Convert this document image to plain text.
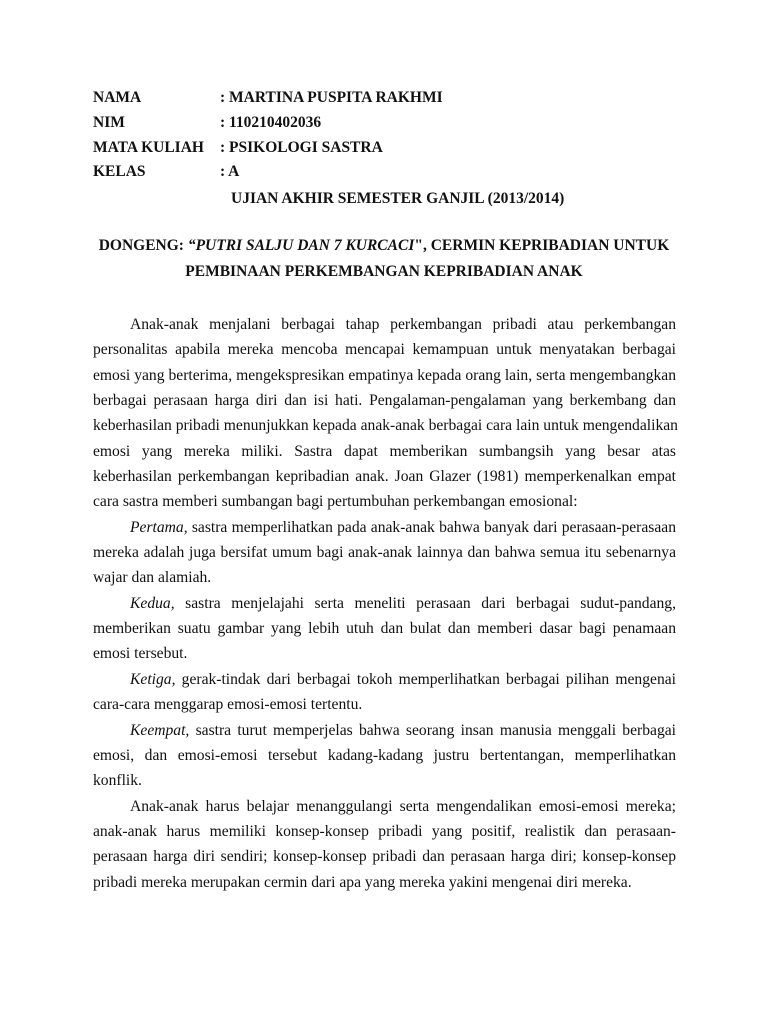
NAMA	: MARTINA PUSPITA RAKHMI
NIM	: 110210402036
MATA KULIAH : PSIKOLOGI SASTRA
KELAS	: A
UJIAN AKHIR SEMESTER GANJIL (2013/2014)
DONGENG: “PUTRI SALJU DAN 7 KURCACI", CERMIN KEPRIBADIAN UNTUK
PEMBINAAN PERKEMBANGAN KEPRIBADIAN ANAK
Anak-anak menjalani berbagai tahap perkembangan pribadi atau perkembangan
personalitas apabila mereka mencoba mencapai kemampuan untuk menyatakan berbagai
emosi yang berterima, mengekspresikan empatinya kepada orang lain, serta mengembangkan
berbagai perasaan harga diri dan isi hati. Pengalaman-pengalaman yang berkembang dan
keberhasilan pribadi menunjukkan kepada anak-anak berbagai cara lain untuk mengendalikan
emosi yang mereka miliki. Sastra dapat memberikan sumbangsih yang besar atas
keberhasilan perkembangan kepribadian anak. Joan Glazer (1981) memperkenalkan empat
cara sastra memberi sumbangan bagi pertumbuhan perkembangan emosional:
Pertama, sastra memperlihatkan pada anak-anak bahwa banyak dari perasaan-perasaan
mereka adalah juga bersifat umum bagi anak-anak lainnya dan bahwa semua itu sebenarnya
wajar dan alamiah.
Kedua, sastra menjelajahi serta meneliti perasaan dari berbagai sudut-pandang,
memberikan suatu gambar yang lebih utuh dan bulat dan memberi dasar bagi penamaan
emosi tersebut.
Ketiga, gerak-tindak dari berbagai tokoh memperlihatkan berbagai pilihan mengenai
cara-cara menggarap emosi-emosi tertentu.
Keempat, sastra turut memperjelas bahwa seorang insan manusia menggali berbagai
emosi, dan emosi-emosi tersebut kadang-kadang justru bertentangan, memperlihatkan
konflik.
Anak-anak harus belajar menanggulangi serta mengendalikan emosi-emosi mereka;
anak-anak harus memiliki konsep-konsep pribadi yang positif, realistik dan perasaan-
perasaan harga diri sendiri; konsep-konsep pribadi dan perasaan harga diri; konsep-konsep
pribadi mereka merupakan cermin dari apa yang mereka yakini mengenai diri mereka.
